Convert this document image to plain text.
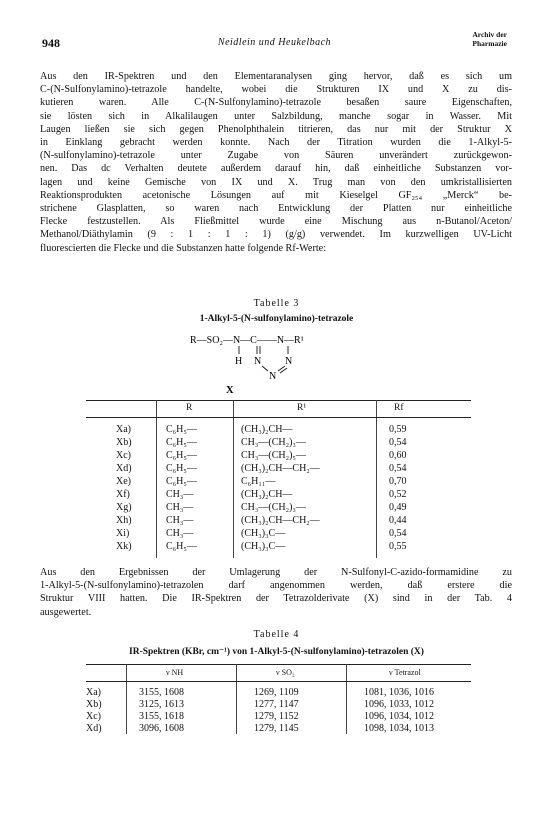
948	Neidlein und Heukelbach
Archiv der
Pharmazie
Aus den IR-Spektren und den Elementaranalysen ging hervor, daß es sich um
C-(N-Sulfonylamino)-tetrazole handelte, wobei die Strukturen IX und X zu dis-
kutieren waren. Alle C-(N-Sulfonylamino)-tetrazole besaßen saure Eigenschaften,
sie lösten sich in Alkalilaugen unter Salzbildung, manche sogar in Wasser. Mit
Laugen ließen sie sich gegen Phenolphthalein titrieren, das nur mit der Struktur X
in Einklang gebracht werden konnte. Nach der Titration wurden die 1-Alkyl-5-
(N-sulfonylamino)-tetrazole unter Zugabe von Säuren unverändert zurückgewon-
nen. Das dc Verhalten deutete außerdem darauf hin, daß einheitliche Substanzen vor-
lagen und keine Gemische von IX und X. Trug man von den umkristallisierten
Reaktionsprodukten acetonische Lösungen auf mit Kieselgel GF₂₅₄ „Merck“ be-
strichene Glasplatten, so waren nach Entwicklung der Platten nur einheitliche
Flecke festzustellen. Als Fließmittel wurde eine Mischung aus n-Butanol/Aceton/
Methanol/Diäthylamin (9 : 1 : 1 : 1) (g/g) verwendet. Im kurzwelligen UV-Licht
fluorescierten die Flecke und die Substanzen hatte folgende Rf-Werte:
Tabelle 3
1-Alkyl-5-(N-sulfonylamino)-tetrazole
R—SO₂—N—C——N—R¹
H N N
N
X
R	R¹	Rf
Xa)	C₆H₅—	(CH₃)₂CH—	0,59
Xb)	C₆H₅—	CH₃—(CH₂)₃—	0,54
Xc)	C₆H₅—	CH₃—(CH₂)₅—	0,60
Xd)	C₆H₅—	(CH₃)₂CH—CH₂—	0,54
Xe)	C₆H₅—	C₆H₁₁—	0,70
Xf)	CH₃—	(CH₃)₂CH—	0,52
Xg)	CH₃—	CH₃—(CH₂)₃—	0,49
Xh)	CH₃—	(CH₃)₂CH—CH₂—	0,44
Xi)	CH₃—	(CH₃)₃C—	0,54
Xk)	C₆H₅—	(CH₃)₃C—	0,55
Aus den Ergebnissen der Umlagerung der N-Sulfonyl-C-azido-formamidine zu
1-Alkyl-5-(N-sulfonylamino)-tetrazolen darf angenommen werden, daß erstere die
Struktur VIII hatten. Die IR-Spektren der Tetrazolderivate (X) sind in der Tab. 4
ausgewertet.
Tabelle 4
IR-Spektren (KBr, cm⁻¹) von 1-Alkyl-5-(N-sulfonylamino)-tetrazolen (X)
ν NH	ν SO₂	ν Tetrazol
Xa)	3155, 1608	1269, 1109	1081, 1036, 1016
Xb)	3125, 1613	1277, 1147	1096, 1033, 1012
Xc)	3155, 1618	1279, 1152	1096, 1034, 1012
Xd)	3096, 1608	1279, 1145	1098, 1034, 1013
